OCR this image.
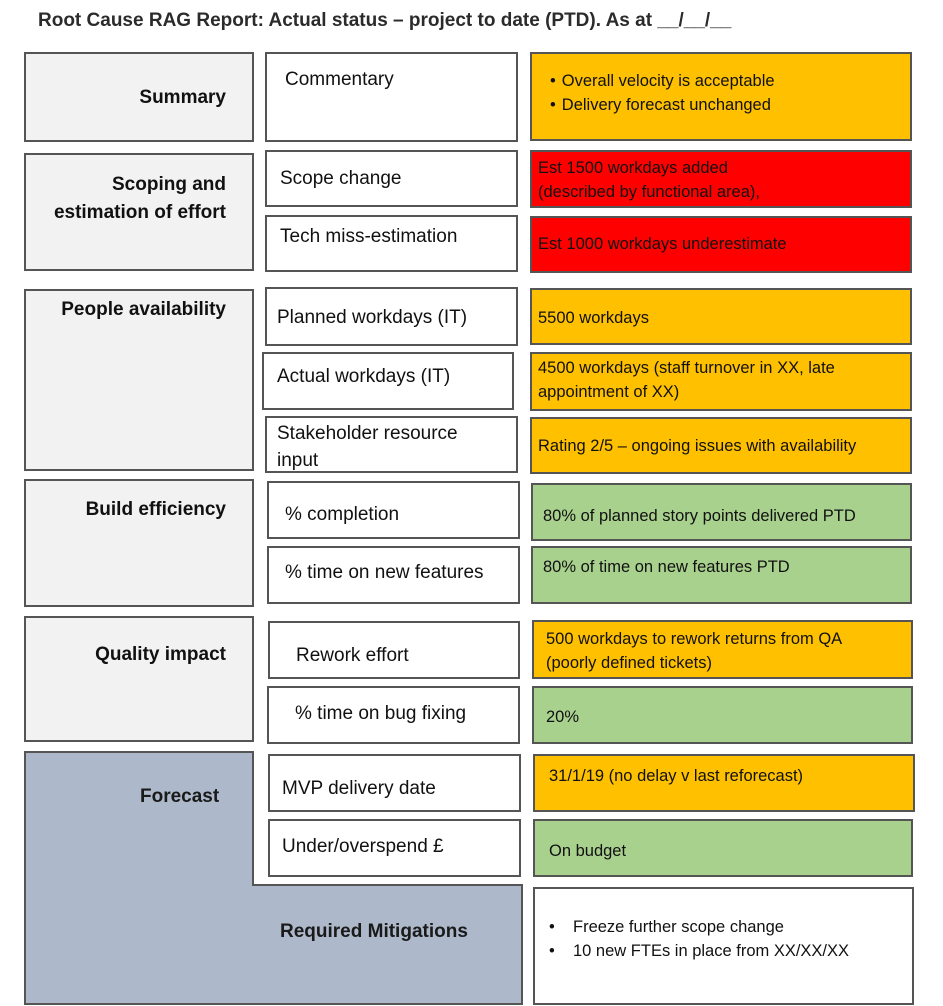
Root Cause RAG Report: Actual status – project to date (PTD). As at __/__/__
Summary
Scoping and
estimation of effort
People availability
Build efficiency
Quality impact
Forecast
Required Mitigations
Commentary
Scope change
Tech miss-estimation
Planned workdays (IT)
Actual workdays (IT)
Stakeholder resource
input
% completion
% time on new features
Rework effort
% time on bug fixing
MVP delivery date
Under/overspend £
• Overall velocity is acceptable
• Delivery forecast unchanged
Est 1500 workdays added
(described by functional area),
Est 1000 workdays underestimate
5500 workdays
4500 workdays (staff turnover in XX, late
appointment of XX)
Rating 2/5 – ongoing issues with availability
80% of planned story points delivered PTD
80% of time on new features PTD
500 workdays to rework returns from QA
(poorly defined tickets)
20%
31/1/19 (no delay v last reforecast)
On budget
• Freeze further scope change
• 10 new FTEs in place from XX/XX/XX
